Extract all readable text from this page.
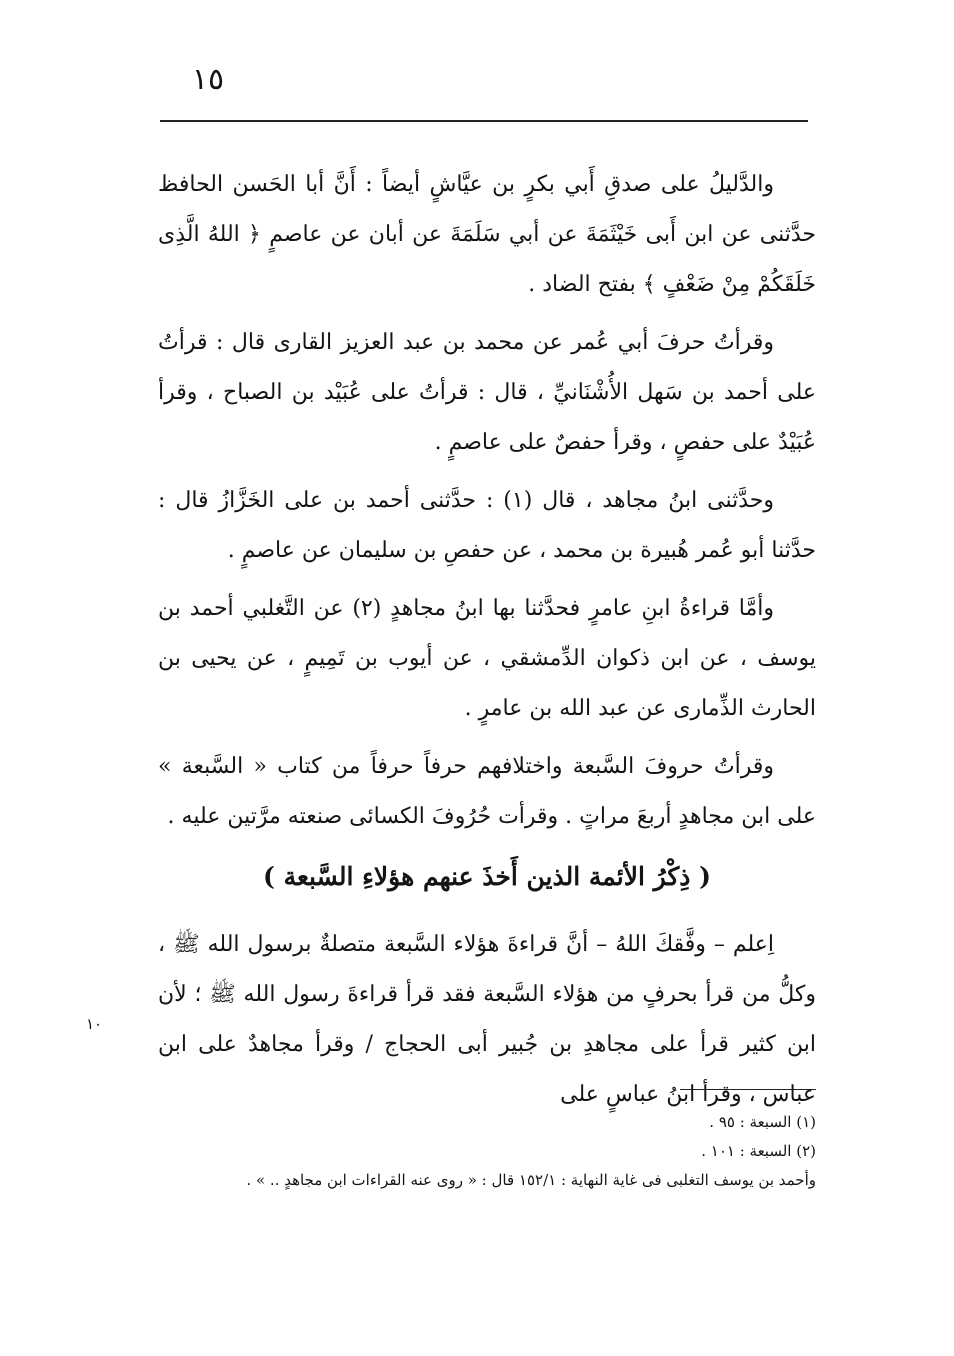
١٥

والدَّليلُ على صدقِ أَبي بكرٍ بن عيَّاشٍ أيضاً : أَنَّ أبا الحَسن الحافظ حدَّثنى عن ابن أَبى خَيْثَمَةَ عن أبي سَلَمَةَ عن أبان عن عاصمٍ ﴿ اللهُ الَّذِى خَلَقَكُمْ مِنْ ضَعْفٍ ﴾ بفتح الضاد .

وقرأتُ حرفَ أبي عُمر عن محمد بن عبد العزيز القارى قال : قرأتُ على أحمد بن سَهل الأُشْنَانيِّ ، قال : قرأتُ على عُبَيْد بن الصباح ، وقرأ عُبَيْدٌ على حفصٍ ، وقرأ حفصٌ على عاصمٍ .

وحدَّثنى ابنُ مجاهد ، قال (١) : حدَّثنى أحمد بن على الخَزَّازُ قال : حدَّثنا أبو عُمر هُبيرة بن محمد ، عن حفصِ بن سليمان عن عاصمٍ .

وأمَّا قراءةُ ابنِ عامرٍ فحدَّثنا بها ابنُ مجاهدٍ (٢) عن التَّغلبي أحمد بن يوسف ، عن ابن ذكوان الدِّمشقي ، عن أيوب بن تَمِيمٍ ، عن يحيى بن الحارث الذِّمارى عن عبد الله بن عامرٍ .

وقرأتُ حروفَ السَّبعة واختلافهم حرفاً حرفاً من كتاب « السَّبعة » على ابن مجاهدٍ أربعَ مراتٍ . وقرأت حُرُوفَ الكسائى صنعته مرَّتين عليه .

( ذِكْرُ الأئمة الذين أَخذَ عنهم هؤلاءِ السَّبعة )

اِعلم – وفَّقكَ اللهُ – أنَّ قراءةَ هؤلاء السَّبعة متصلةٌ برسول الله ﷺ ، وكلُّ من قرأ بحرفٍ من هؤلاء السَّبعة فقد قرأ قراءةَ رسول الله ﷺ ؛ لأن ابن كثير قرأ على مجاهدِ بن جُبير أبى الحجاج / وقرأ مجاهدٌ على ابن عباس ، وقرأ ابنُ عباسٍ على

١٠

(١) السبعة : ٩٥ .

(٢) السبعة : ١٠١ .

وأحمد بن يوسف التغلبى فى غاية النهاية : ١٥٢/١ قال : « روى عنه القراءات ابن مجاهدٍ .. » .
